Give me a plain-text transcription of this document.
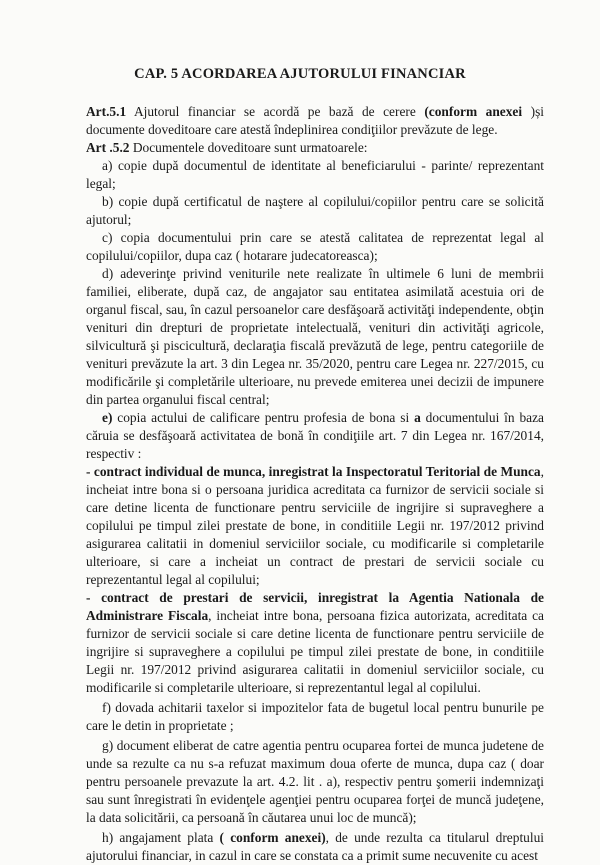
CAP. 5 ACORDAREA AJUTORULUI FINANCIAR

Art.5.1 Ajutorul financiar se acordă pe bază de cerere (conform anexei )și documente doveditoare care atestă îndeplinirea condiţiilor prevăzute de lege.

Art .5.2 Documentele doveditoare sunt urmatoarele:

a) copie după documentul de identitate al beneficiarului - parinte/ reprezentant legal;

b) copie după certificatul de naştere al copilului/copiilor pentru care se solicită ajutorul;

c) copia documentului prin care se atestă calitatea de reprezentat legal al copilului/copiilor, dupa caz ( hotarare judecatoreasca);

d) adeverinţe privind veniturile nete realizate în ultimele 6 luni de membrii familiei, eliberate, după caz, de angajator sau entitatea asimilată acestuia ori de organul fiscal, sau, în cazul persoanelor care desfăşoară activităţi independente, obţin venituri din drepturi de proprietate intelectuală, venituri din activităţi agricole, silvicultură şi piscicultură, declaraţia fiscală prevăzută de lege, pentru categoriile de venituri prevăzute la art. 3 din Legea nr. 35/2020, pentru care Legea nr. 227/2015, cu modificările şi completările ulterioare, nu prevede emiterea unei decizii de impunere din partea organului fiscal central;

e) copia actului de calificare pentru profesia de bona si a documentului în baza căruia se desfăşoară activitatea de bonă în condiţiile art. 7 din Legea nr. 167/2014, respectiv :

- contract individual de munca, inregistrat la Inspectoratul Teritorial de Munca, incheiat intre bona si o persoana juridica acreditata ca furnizor de servicii sociale si care detine licenta de functionare pentru serviciile de ingrijire si supraveghere a copilului pe timpul zilei prestate de bone, in conditiile Legii nr. 197/2012 privind asigurarea calitatii in domeniul serviciilor sociale, cu modificarile si completarile ulterioare, si care a incheiat un contract de prestari de servicii sociale cu reprezentantul legal al copilului;

- contract de prestari de servicii, inregistrat la Agentia Nationala de Administrare Fiscala, incheiat intre bona, persoana fizica autorizata, acreditata ca furnizor de servicii sociale si care detine licenta de functionare pentru serviciile de ingrijire si supraveghere a copilului pe timpul zilei prestate de bone, in conditiile Legii nr. 197/2012 privind asigurarea calitatii in domeniul serviciilor sociale, cu modificarile si completarile ulterioare, si reprezentantul legal al copilului.

f) dovada achitarii taxelor si impozitelor fata de bugetul local pentru bunurile pe care le detin in proprietate ;

g) document eliberat de catre agentia pentru ocuparea fortei de munca judetene de unde sa rezulte ca nu s-a refuzat maximum doua oferte de munca, dupa caz ( doar pentru persoanele prevazute la art. 4.2. lit . a), respectiv pentru şomerii indemnizaţi sau sunt înregistrati în evidenţele agenţiei pentru ocuparea forţei de muncă judeţene, la data solicitării, ca persoană în căutarea unui loc de muncă);

h) angajament plata ( conform anexei), de unde rezulta ca titularul dreptului ajutorului financiar, in cazul in care se constata ca a primit sume necuvenite cu acest
